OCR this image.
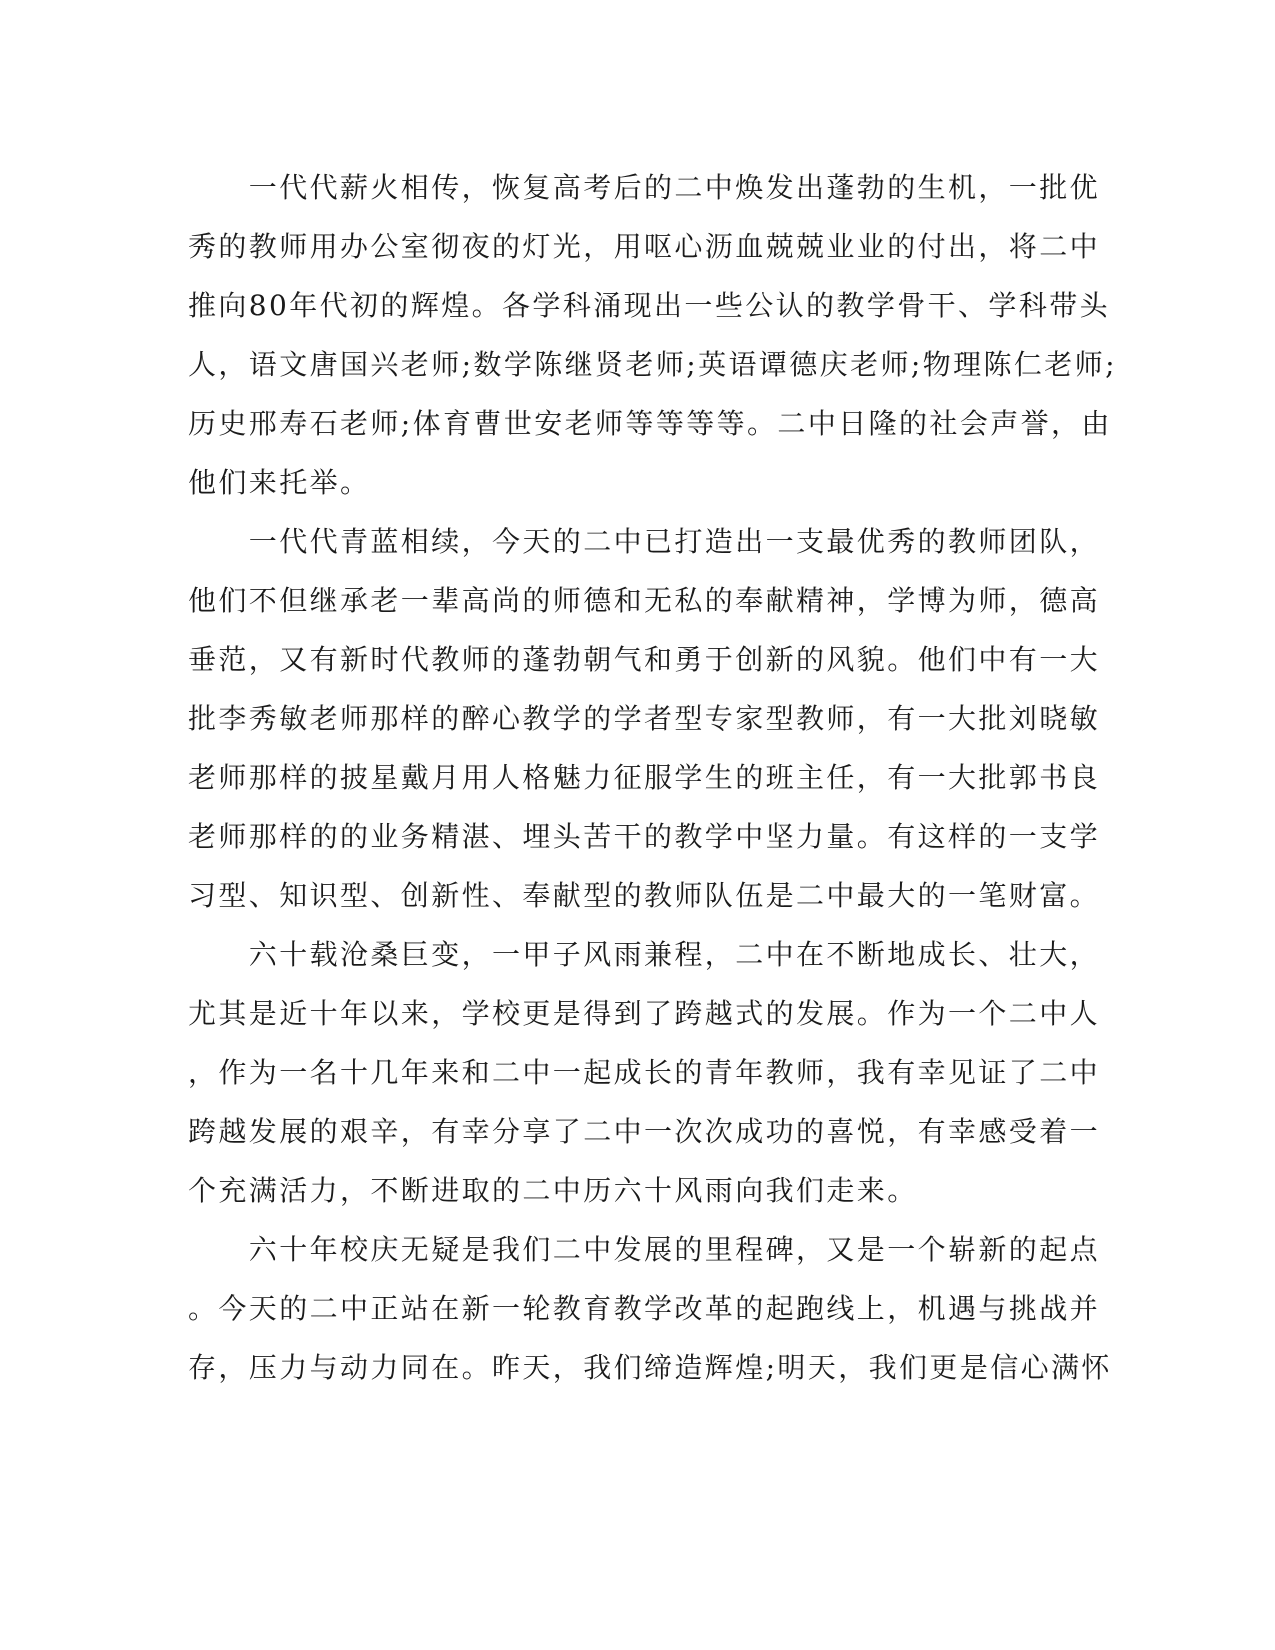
　　一代代薪火相传，恢复高考后的二中焕发出蓬勃的生机，一批优
秀的教师用办公室彻夜的灯光，用呕心沥血兢兢业业的付出，将二中
推向80年代初的辉煌。各学科涌现出一些公认的教学骨干、学科带头
人，语文唐国兴老师;数学陈继贤老师;英语谭德庆老师;物理陈仁老师;
历史邢寿石老师;体育曹世安老师等等等等。二中日隆的社会声誉，由
他们来托举。
　　一代代青蓝相续，今天的二中已打造出一支最优秀的教师团队，
他们不但继承老一辈高尚的师德和无私的奉献精神，学博为师，德高
垂范，又有新时代教师的蓬勃朝气和勇于创新的风貌。他们中有一大
批李秀敏老师那样的醉心教学的学者型专家型教师，有一大批刘晓敏
老师那样的披星戴月用人格魅力征服学生的班主任，有一大批郭书良
老师那样的的业务精湛、埋头苦干的教学中坚力量。有这样的一支学
习型、知识型、创新性、奉献型的教师队伍是二中最大的一笔财富。
　　六十载沧桑巨变，一甲子风雨兼程，二中在不断地成长、壮大，
尤其是近十年以来，学校更是得到了跨越式的发展。作为一个二中人
，作为一名十几年来和二中一起成长的青年教师，我有幸见证了二中
跨越发展的艰辛，有幸分享了二中一次次成功的喜悦，有幸感受着一
个充满活力，不断进取的二中历六十风雨向我们走来。
　　六十年校庆无疑是我们二中发展的里程碑，又是一个崭新的起点
。今天的二中正站在新一轮教育教学改革的起跑线上，机遇与挑战并
存，压力与动力同在。昨天，我们缔造辉煌;明天，我们更是信心满怀
